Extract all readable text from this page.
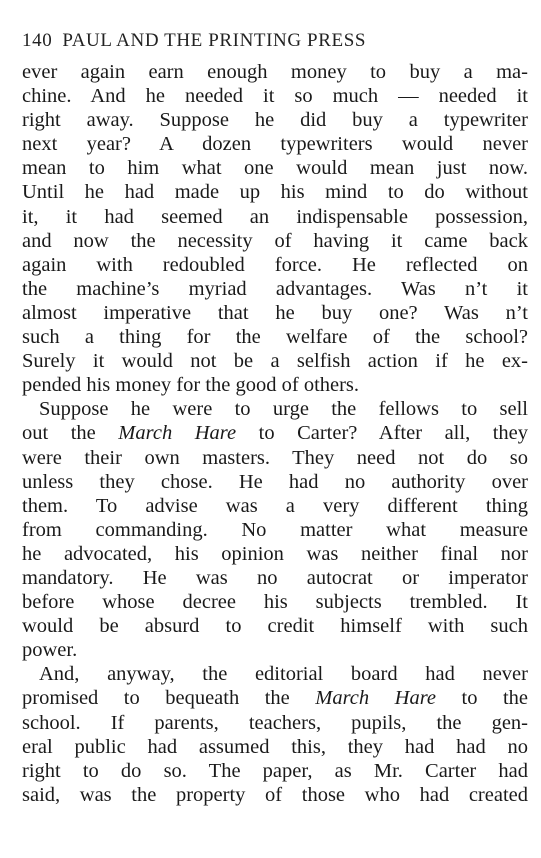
140 PAUL AND THE PRINTING PRESS
ever again earn enough money to buy a ma-
chine. And he needed it so much — needed it
right away. Suppose he did buy a typewriter
next year? A dozen typewriters would never
mean to him what one would mean just now.
Until he had made up his mind to do without
it, it had seemed an indispensable possession,
and now the necessity of having it came back
again with redoubled force. He reflected on
the machine’s myriad advantages. Was n’t it
almost imperative that he buy one? Was n’t
such a thing for the welfare of the school?
Surely it would not be a selfish action if he ex-
pended his money for the good of others.
Suppose he were to urge the fellows to sell
out the March Hare to Carter? After all, they
were their own masters. They need not do so
unless they chose. He had no authority over
them. To advise was a very different thing
from commanding. No matter what measure
he advocated, his opinion was neither final nor
mandatory. He was no autocrat or imperator
before whose decree his subjects trembled. It
would be absurd to credit himself with such
power.
And, anyway, the editorial board had never
promised to bequeath the March Hare to the
school. If parents, teachers, pupils, the gen-
eral public had assumed this, they had had no
right to do so. The paper, as Mr. Carter had
said, was the property of those who had created
